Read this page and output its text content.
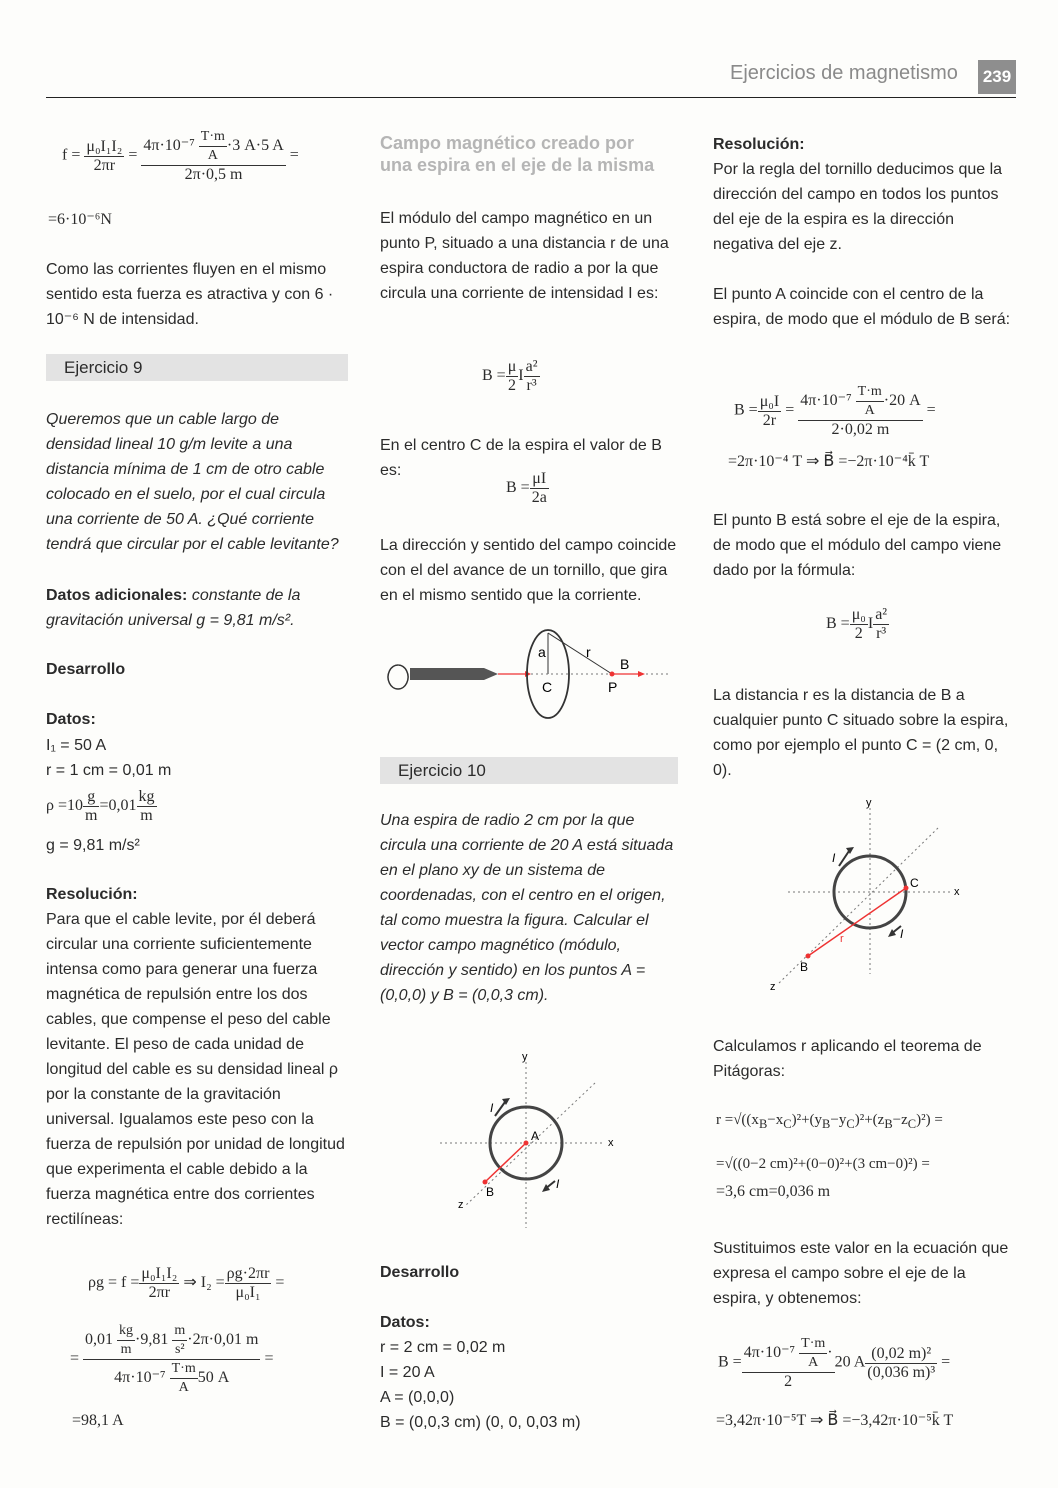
Ejercicios de magnetismo 239
$f = \frac{\text{μ₀I₁I₂}}{2\pi r} = \frac{4\pi\cdot 10^{-7} \frac{T\cdot m}{A} \cdot 3 A\cdot 5 A}{2\pi\cdot 0,5 m}$ =
=6·10⁻⁶N

Como las corrientes fluyen en el mismo sentido esta fuerza es atractiva y con 6 · 10⁻⁶ N de intensidad.

Ejercicio 9

Queremos que un cable largo de densidad lineal 10 g/m levite a una distancia mínima de 1 cm de otro cable colocado en el suelo, por el cual circula una corriente de 50 A. ¿Qué corriente tendrá que circular por el cable levitante?

Datos adicionales: constante de la gravitación universal g = 9,81 m/s².

Desarrollo
Datos:
I₁ = 50 A
r = 1 cm = 0,01 m
$\rho =10 \frac{g}{m} =0,01 \frac{kg}{m}$
g = 9,81 m/s²
Resolución:

Para que el cable levite, por él deberá circular una corriente suficientemente intensa como para generar una fuerza magnética de repulsión entre los dos cables, que compense el peso del cable levitante. El peso de cada unidad de longitud del cable es su densidad lineal ρ por la constante de la gravitación universal. Igualamos este peso con la fuerza de repulsión por unidad de longitud que experimenta el cable debido a la fuerza magnética entre dos corrientes rectilíneas:

$\rho g = f = \frac{\text{μ₀I₁I₂}}{2\pi r}$ ⇒ $I_2 = \frac{\rho g\cdot 2\pi r}{\text{μ₀I₁}}$ =
= $\frac{0,01 \frac{kg}{m} \cdot 9,81 \frac{m}{\text{s²}} \cdot 2\pi\cdot 0,01 m}{4\pi\cdot 10^{-7} \frac{T\cdot m}{A} 50 A}$ =
=98,1 A
Campo magnético creado por una espira en el eje de la misma

El módulo del campo magnético en un punto P, situado a una distancia r de una espira conductora de radio a por la que circula una corriente de intensidad I es:

$B = \frac{\mu}{2}$ I $\frac{\text{a²}}{\text{r³}}$

En el centro C de la espira el valor de B es:

$B = \frac{\mu I}{2a}$

La dirección y sentido del campo coincide con el del avance de un tornillo, que gira en el mismo sentido que la corriente.

a	r
B
C	P
Ejercicio 10

Una espira de radio 2 cm por la que circula una corriente de 20 A está situada en el plano xy de un sistema de coordenadas, con el centro en el origen, tal como muestra la figura. Calcular el vector campo magnético (módulo, dirección y sentido) en los puntos A = (0,0,0) y B = (0,0,3 cm).

y
x
z
A
B
I
I
Desarrollo
Datos:
r = 2 cm = 0,02 m
I = 20 A
A = (0,0,0)
B = (0,0,3 cm) (0, 0, 0,03 m)
Resolución:

Por la regla del tornillo deducimos que la dirección del campo en todos los puntos del eje de la espira es la dirección negativa del eje z.

El punto A coincide con el centro de la espira, de modo que el módulo de B será:

$B = \frac{\text{μ₀I}}{2r} = \frac{4\pi\cdot 10^{-7} \frac{T\cdot m}{A} \cdot 20 A}{2\cdot 0,02 m}$ =
=2π·10⁻⁴ T ⇒ B⃗ =−2π·10⁻⁴k̄ T

El punto B está sobre el eje de la espira, de modo que el módulo del campo viene dado por la fórmula:

$B = \frac{\text{μ₀}}{2}$ I $\frac{\text{a²}}{\text{r³}}$

La distancia r es la distancia de B a cualquier punto C situado sobre la espira, como por ejemplo el punto C = (2 cm, 0, 0).

y
x
z
C
B
I
I
r

Calculamos r aplicando el teorema de Pitágoras:

$r =√((x_B-x_C)^2+(y_B-y_C)^2+(z_B-z_C)^2)$ =
=√((0−2 cm)²+(0−0)²+(3 cm−0)²) =
=3,6 cm=0,036 m

Sustituimos este valor en la ecuación que expresa el campo sobre el eje de la espira, y obtenemos:

$B = \frac{4\pi\cdot 10^{-7} \frac{T\cdot m}{A} \cdot}{2} 20$ A $\frac{\text{(0,02 m)²}}{\text{(0,036 m)³}}$ =
=3,42π·10⁻⁵T ⇒ B⃗ =−3,42π·10⁻⁵k̄ T
